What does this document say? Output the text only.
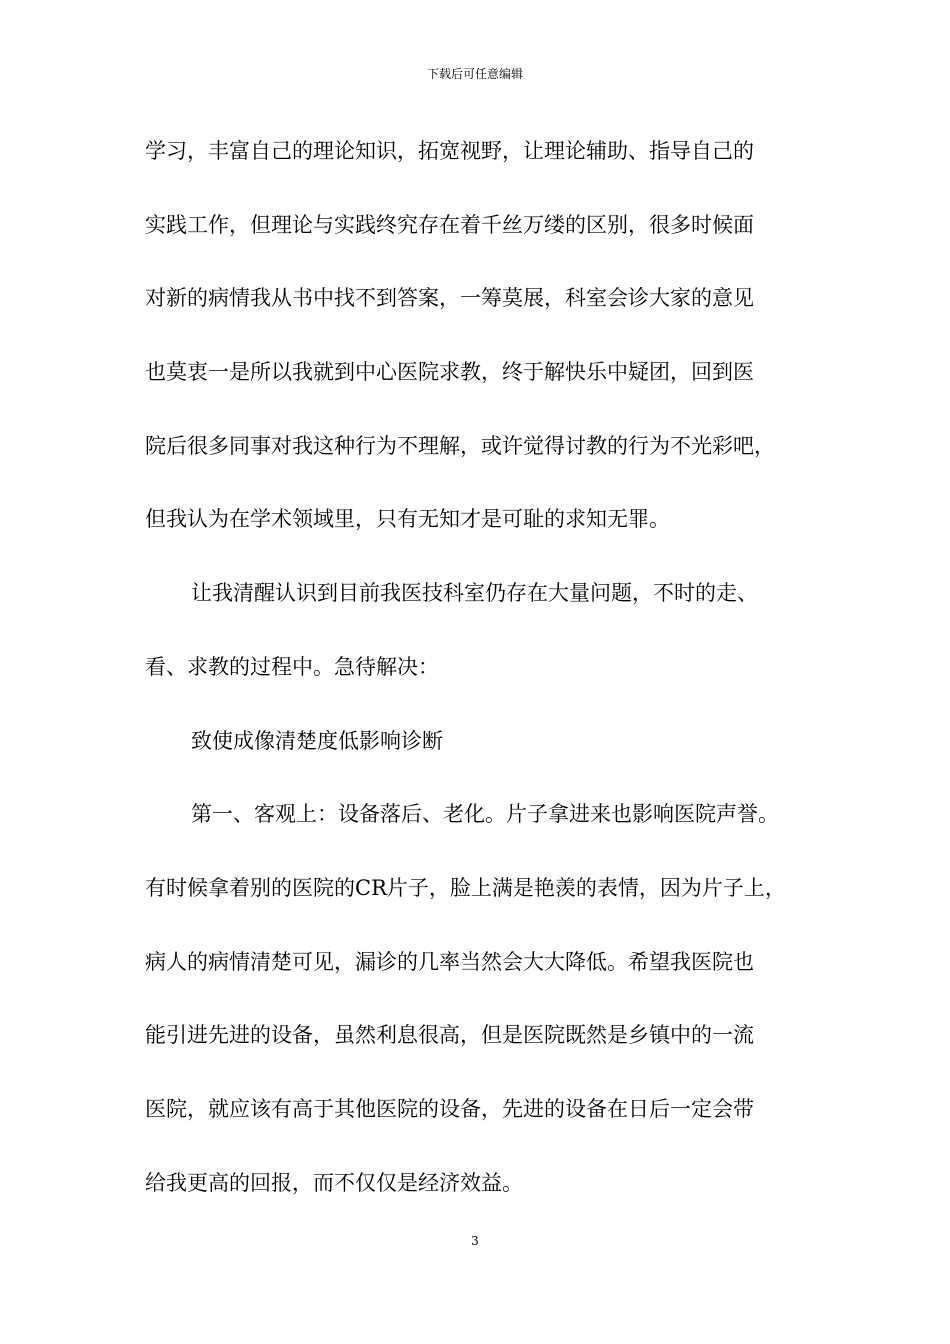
下载后可任意编辑
学习，丰富自己的理论知识，拓宽视野，让理论辅助、指导自己的
实践工作，但理论与实践终究存在着千丝万缕的区别，很多时候面
对新的病情我从书中找不到答案，一筹莫展，科室会诊大家的意见
也莫衷一是所以我就到中心医院求教，终于解快乐中疑团，回到医
院后很多同事对我这种行为不理解，或许觉得讨教的行为不光彩吧，
但我认为在学术领域里，只有无知才是可耻的求知无罪。
让我清醒认识到目前我医技科室仍存在大量问题，不时的走、
看、求教的过程中。急待解决：
致使成像清楚度低影响诊断
第一、客观上：设备落后、老化。片子拿进来也影响医院声誉。
有时候拿着别的医院的CR片子，脸上满是艳羡的表情，因为片子上，
病人的病情清楚可见，漏诊的几率当然会大大降低。希望我医院也
能引进先进的设备，虽然利息很高，但是医院既然是乡镇中的一流
医院，就应该有高于其他医院的设备，先进的设备在日后一定会带
给我更高的回报，而不仅仅是经济效益。
3
